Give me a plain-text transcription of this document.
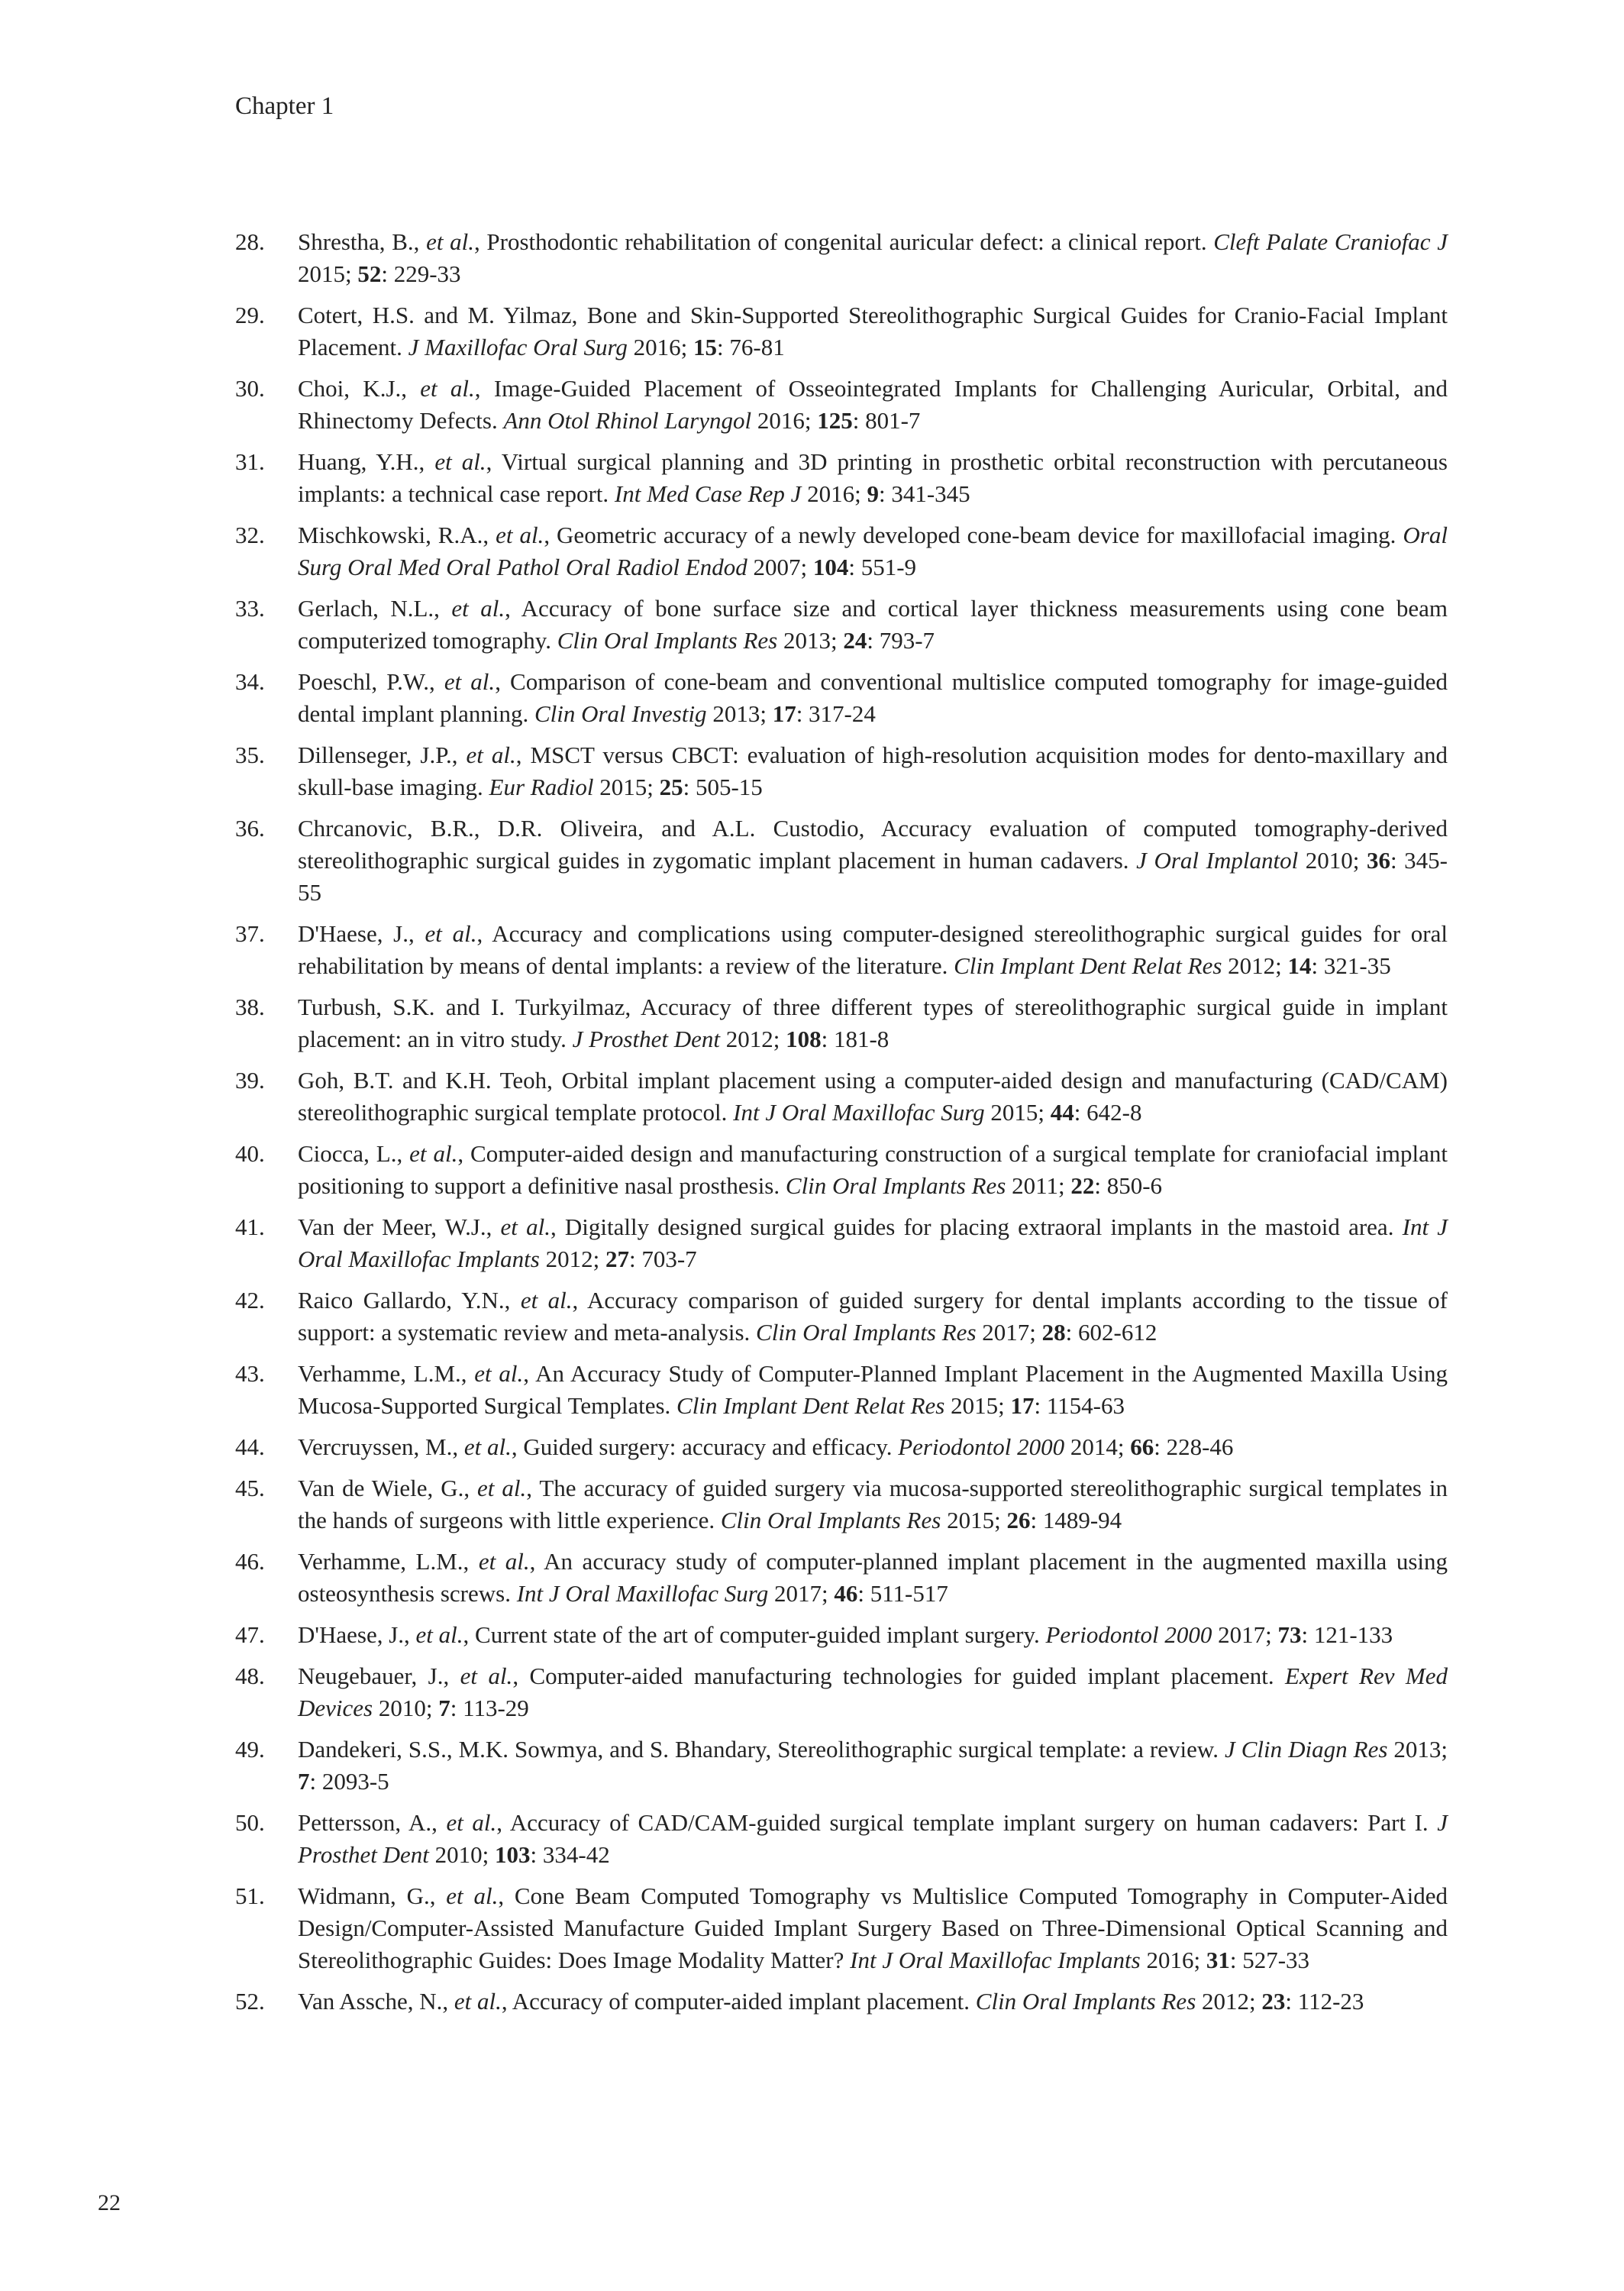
Chapter 1
28. Shrestha, B., et al., Prosthodontic rehabilitation of congenital auricular defect: a clinical report. Cleft Palate Craniofac J 2015; 52: 229-33
29. Cotert, H.S. and M. Yilmaz, Bone and Skin-Supported Stereolithographic Surgical Guides for Cranio-Facial Implant Placement. J Maxillofac Oral Surg 2016; 15: 76-81
30. Choi, K.J., et al., Image-Guided Placement of Osseointegrated Implants for Challenging Auricular, Orbital, and Rhinectomy Defects. Ann Otol Rhinol Laryngol 2016; 125: 801-7
31. Huang, Y.H., et al., Virtual surgical planning and 3D printing in prosthetic orbital reconstruction with percutaneous implants: a technical case report. Int Med Case Rep J 2016; 9: 341-345
32. Mischkowski, R.A., et al., Geometric accuracy of a newly developed cone-beam device for maxillofacial imaging. Oral Surg Oral Med Oral Pathol Oral Radiol Endod 2007; 104: 551-9
33. Gerlach, N.L., et al., Accuracy of bone surface size and cortical layer thickness measurements using cone beam computerized tomography. Clin Oral Implants Res 2013; 24: 793-7
34. Poeschl, P.W., et al., Comparison of cone-beam and conventional multislice computed tomography for image-guided dental implant planning. Clin Oral Investig 2013; 17: 317-24
35. Dillenseger, J.P., et al., MSCT versus CBCT: evaluation of high-resolution acquisition modes for dento-maxillary and skull-base imaging. Eur Radiol 2015; 25: 505-15
36. Chrcanovic, B.R., D.R. Oliveira, and A.L. Custodio, Accuracy evaluation of computed tomography-derived stereolithographic surgical guides in zygomatic implant placement in human cadavers. J Oral Implantol 2010; 36: 345-55
37. D'Haese, J., et al., Accuracy and complications using computer-designed stereolithographic surgical guides for oral rehabilitation by means of dental implants: a review of the literature. Clin Implant Dent Relat Res 2012; 14: 321-35
38. Turbush, S.K. and I. Turkyilmaz, Accuracy of three different types of stereolithographic surgical guide in implant placement: an in vitro study. J Prosthet Dent 2012; 108: 181-8
39. Goh, B.T. and K.H. Teoh, Orbital implant placement using a computer-aided design and manufacturing (CAD/CAM) stereolithographic surgical template protocol. Int J Oral Maxillofac Surg 2015; 44: 642-8
40. Ciocca, L., et al., Computer-aided design and manufacturing construction of a surgical template for craniofacial implant positioning to support a definitive nasal prosthesis. Clin Oral Implants Res 2011; 22: 850-6
41. Van der Meer, W.J., et al., Digitally designed surgical guides for placing extraoral implants in the mastoid area. Int J Oral Maxillofac Implants 2012; 27: 703-7
42. Raico Gallardo, Y.N., et al., Accuracy comparison of guided surgery for dental implants according to the tissue of support: a systematic review and meta-analysis. Clin Oral Implants Res 2017; 28: 602-612
43. Verhamme, L.M., et al., An Accuracy Study of Computer-Planned Implant Placement in the Augmented Maxilla Using Mucosa-Supported Surgical Templates. Clin Implant Dent Relat Res 2015; 17: 1154-63
44. Vercruyssen, M., et al., Guided surgery: accuracy and efficacy. Periodontol 2000 2014; 66: 228-46
45. Van de Wiele, G., et al., The accuracy of guided surgery via mucosa-supported stereolithographic surgical templates in the hands of surgeons with little experience. Clin Oral Implants Res 2015; 26: 1489-94
46. Verhamme, L.M., et al., An accuracy study of computer-planned implant placement in the augmented maxilla using osteosynthesis screws. Int J Oral Maxillofac Surg 2017; 46: 511-517
47. D'Haese, J., et al., Current state of the art of computer-guided implant surgery. Periodontol 2000 2017; 73: 121-133
48. Neugebauer, J., et al., Computer-aided manufacturing technologies for guided implant placement. Expert Rev Med Devices 2010; 7: 113-29
49. Dandekeri, S.S., M.K. Sowmya, and S. Bhandary, Stereolithographic surgical template: a review. J Clin Diagn Res 2013; 7: 2093-5
50. Pettersson, A., et al., Accuracy of CAD/CAM-guided surgical template implant surgery on human cadavers: Part I. J Prosthet Dent 2010; 103: 334-42
51. Widmann, G., et al., Cone Beam Computed Tomography vs Multislice Computed Tomography in Computer-Aided Design/Computer-Assisted Manufacture Guided Implant Surgery Based on Three-Dimensional Optical Scanning and Stereolithographic Guides: Does Image Modality Matter? Int J Oral Maxillofac Implants 2016; 31: 527-33
52. Van Assche, N., et al., Accuracy of computer-aided implant placement. Clin Oral Implants Res 2012; 23: 112-23
22
